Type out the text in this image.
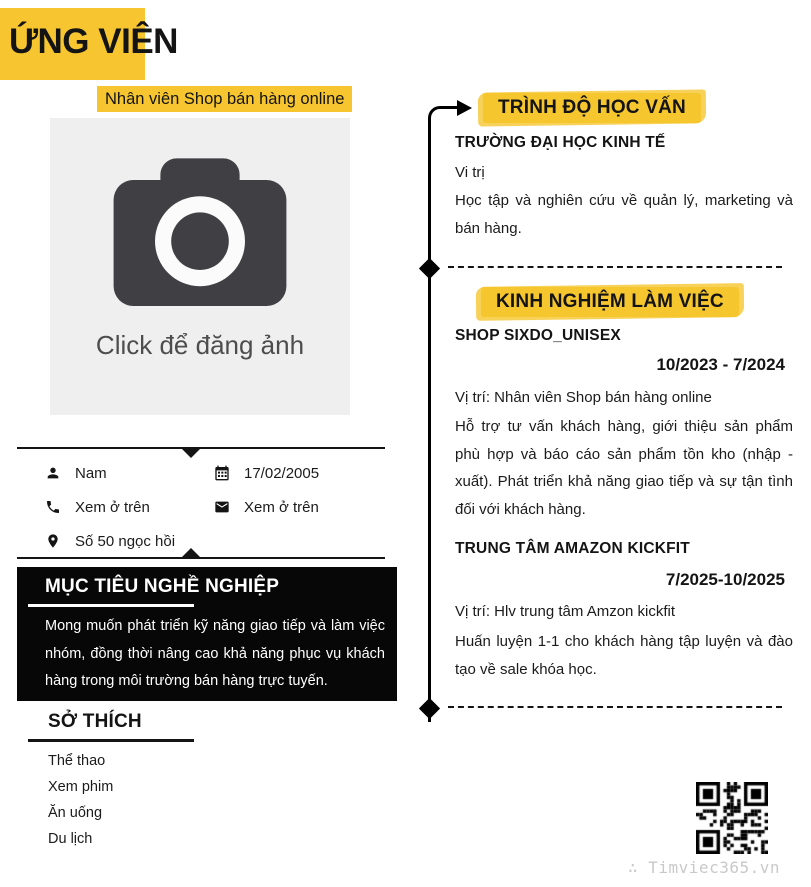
ỨNG VIÊN
Nhân viên Shop bán hàng online
Click để đăng ảnh
Nam	17/02/2005
Xem ở trên	Xem ở trên
Số 50 ngọc hồi
MỤC TIÊU NGHỀ NGHIỆP

Mong muốn phát triển kỹ năng giao tiếp và làm việc nhóm, đồng thời nâng cao khả năng phục vụ khách hàng trong môi trường bán hàng trực tuyến.

SỞ THÍCH
Thể thao
Xem phim
Ăn uống
Du lịch
TRÌNH ĐỘ HỌC VẤN
TRƯỜNG ĐẠI HỌC KINH TẾ
Vi trị
Học tập và nghiên cứu về quản lý, marketing và bán hàng.
KINH NGHIỆM LÀM VIỆC
SHOP SIXDO_UNISEX
10/2023 - 7/2024
Vị trí: Nhân viên Shop bán hàng online
Hỗ trợ tư vấn khách hàng, giới thiệu sản phẩm phù hợp và báo cáo sản phẩm tồn kho (nhập - xuất). Phát triển khả năng giao tiếp và sự tận tình đối với khách hàng.
TRUNG TÂM AMAZON KICKFIT
7/2025-10/2025
Vị trí: Hlv trung tâm Amzon kickfit
Huấn luyện 1-1 cho khách hàng tập luyện và đào tạo về sale khóa học.
∴ Timviec365.vn
